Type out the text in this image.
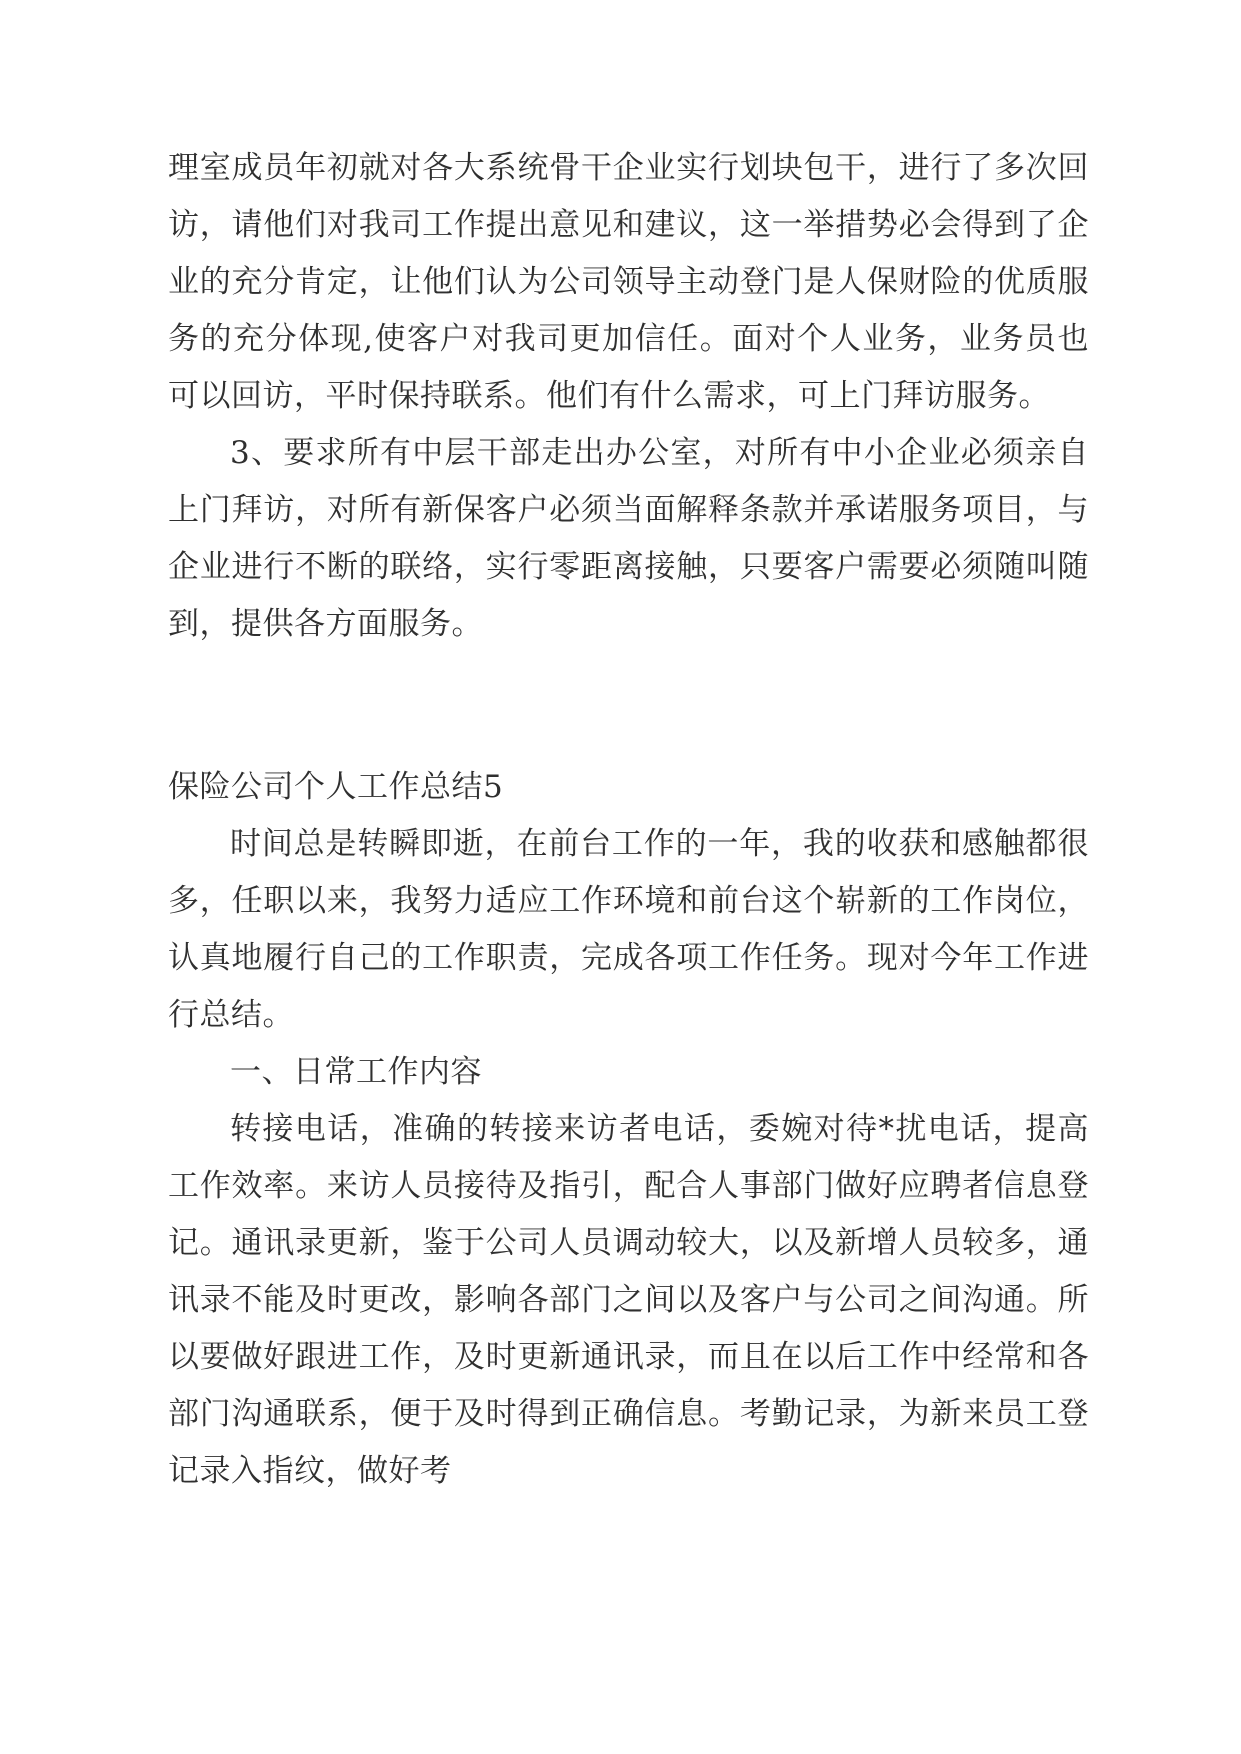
理室成员年初就对各大系统骨干企业实行划块包干，进行了多次回访，请他们对我司工作提出意见和建议，这一举措势必会得到了企业的充分肯定，让他们认为公司领导主动登门是人保财险的优质服务的充分体现,使客户对我司更加信任。面对个人业务，业务员也可以回访，平时保持联系。他们有什么需求，可上门拜访服务。

3、要求所有中层干部走出办公室，对所有中小企业必须亲自上门拜访，对所有新保客户必须当面解释条款并承诺服务项目，与企业进行不断的联络，实行零距离接触，只要客户需要必须随叫随到，提供各方面服务。

保险公司个人工作总结5

时间总是转瞬即逝，在前台工作的一年，我的收获和感触都很多，任职以来，我努力适应工作环境和前台这个崭新的工作岗位，认真地履行自己的工作职责，完成各项工作任务。现对今年工作进行总结。

一、日常工作内容

转接电话，准确的转接来访者电话，委婉对待*扰电话，提高工作效率。来访人员接待及指引，配合人事部门做好应聘者信息登记。通讯录更新，鉴于公司人员调动较大，以及新增人员较多，通讯录不能及时更改，影响各部门之间以及客户与公司之间沟通。所以要做好跟进工作，及时更新通讯录，而且在以后工作中经常和各部门沟通联系，便于及时得到正确信息。考勤记录，为新来员工登记录入指纹，做好考
